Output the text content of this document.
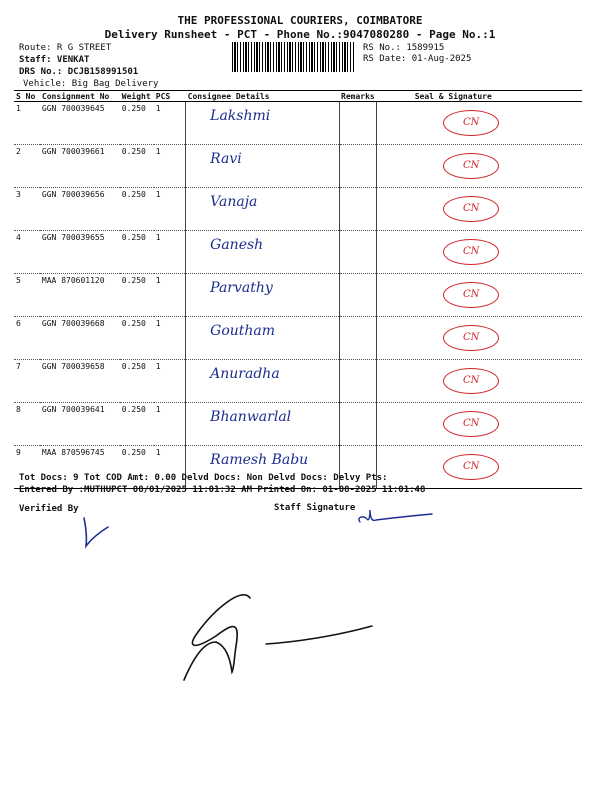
THE PROFESSIONAL COURIERS, COIMBATORE
Delivery Runsheet - PCT - Phone No.:9047080280 - Page No.:1
Route: R G STREET
Staff: VENKAT
DRS No.: DCJB158991501
Vehicle: Big Bag Delivery
RS No.: 1589915
RS Date: 01-Aug-2025
S No	Consignment No	Weight	PCS	Consignee Details	Remarks	Seal & Signature
1	GGN 700039645	0.250	1	Lakshmi		CN

2	GGN 700039661	0.250	1	Ravi		CN

3	GGN 700039656	0.250	1	Vanaja		CN

4	GGN 700039655	0.250	1	Ganesh		CN

5	MAA 870601120	0.250	1	Parvathy		CN

6	GGN 700039668	0.250	1	Goutham		CN

7	GGN 700039658	0.250	1	Anuradha		CN

8	GGN 700039641	0.250	1	Bhanwarlal		CN

9	MAA 870596745	0.250	1	Ramesh Babu		CN
Tot Docs: 9 Tot COD Amt: 0.00 Delvd Docs: Non Delvd Docs: Delvy Pts:
Entered By :MUTHUPCT 08/01/2025 11:01:32 AM Printed On: 01-08-2025 11:01:48
Verified By	Staff Signature
